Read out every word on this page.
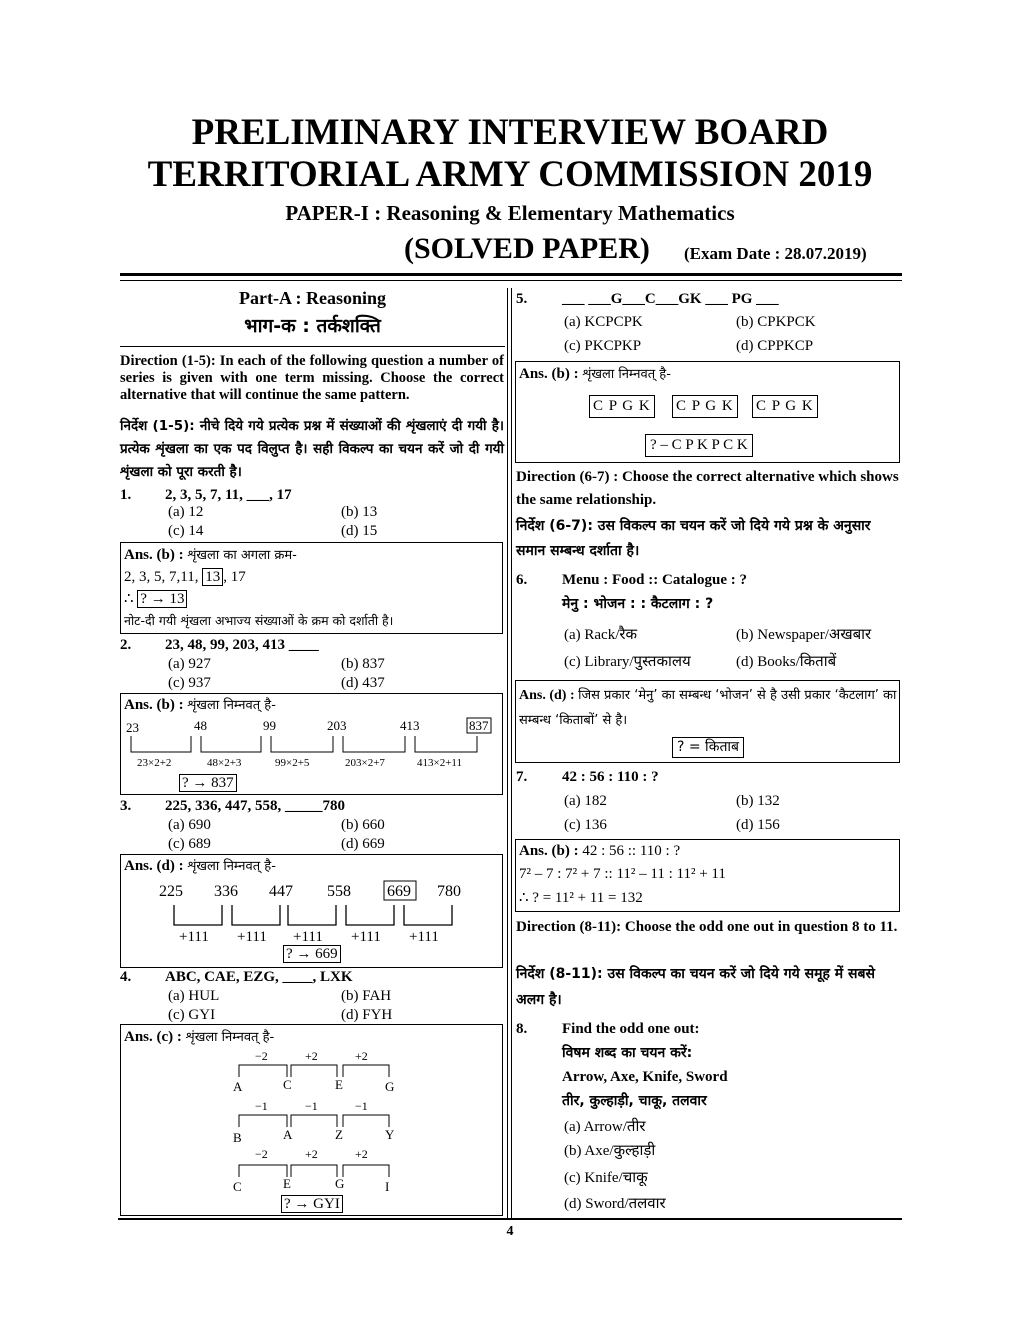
PRELIMINARY INTERVIEW BOARD
TERRITORIAL ARMY COMMISSION 2019
PAPER-I : Reasoning & Elementary Mathematics
(SOLVED PAPER) (Exam Date : 28.07.2019)
Part-A : Reasoning
भाग-क : तर्कशक्ति
Direction (1-5): In each of the following question a number of series is given with one term missing. Choose the correct alternative that will continue the same pattern.
निर्देश (1-5): नीचे दिये गये प्रत्येक प्रश्न में संख्याओं की शृंखलाएं दी गयी है। प्रत्येक शृंखला का एक पद विलुप्त है। सही विकल्प का चयन करें जो दी गयी शृंखला को पूरा करती है।
1. 2, 3, 5, 7, 11, ___, 17
(a) 12	(b) 13
(c) 14	(d) 15
Ans. (b) : शृंखला का अगला क्रम-
2, 3, 5, 7,11, 13 , 17
∴ ? → 13
नोट-दी गयी शृंखला अभाज्य संख्याओं के क्रम को दर्शाती है।
2. 23, 48, 99, 203, 413 ____
(a) 927	(b) 837
(c) 937	(d) 437
Ans. (b) : शृंखला निम्नवत् है-
23	48	99	203	413	837
23×2+2	48×2+3	99×2+5	203×2+7	413×2+11
? → 837
3. 225, 336, 447, 558, _____780
(a) 690	(b) 660
(c) 689	(d) 669
Ans. (d) : शृंखला निम्नवत् है-
225 336 447 558 669 780
+111 +111 +111 +111 +111
? → 669
4. ABC, CAE, EZG, ____, LXK
(a) HUL	(b) FAH
(c) GYI	(d) FYH
Ans. (c) : शृंखला निम्नवत् है-
−2	+2	+2
A	C	E	G
−1	−1	−1
B	A	Z	Y
−2	+2	+2
C	E	G	I
? → GYI
5. ___ ___G___C___GK ___ PG ___
(a) KCPCPK	(b) CPKPCK
(c) PKCPKP	(d) CPPKCP
Ans. (b) : शृंखला निम्नवत् है-
C P G K C P G K C P G K
? – C P K P C K
Direction (6-7) : Choose the correct alternative which shows the same relationship.
निर्देश (6-7): उस विकल्प का चयन करें जो दिये गये प्रश्न के अनुसार समान सम्बन्ध दर्शाता है।
6. Menu : Food :: Catalogue : ?
मेनु : भोजन : : कैटलाग : ?
(a) Rack/रैक	(b) Newspaper/अखबार
(c) Library/पुस्तकालय	(d) Books/किताबें
Ans. (d) : जिस प्रकार ‘मेनु’ का सम्बन्ध ‘भोजन’ से है उसी प्रकार ‘कैटलाग’ का सम्बन्ध ‘किताबों’ से है।
? = किताब
7. 42 : 56 : 110 : ?
(a) 182	(b) 132
(c) 136	(d) 156
Ans. (b) : 42 : 56 :: 110 : ?
7² – 7 : 7² + 7 :: 11² – 11 : 11² + 11
∴ ? = 11² + 11 = 132
Direction (8-11): Choose the odd one out in question 8 to 11.
निर्देश (8-11): उस विकल्प का चयन करें जो दिये गये समूह में सबसे अलग है।
8. Find the odd one out:
विषम शब्द का चयन करें:
Arrow, Axe, Knife, Sword
तीर, कुल्हाड़ी, चाकू, तलवार
(a) Arrow/तीर
(b) Axe/कुल्हाड़ी
(c) Knife/चाकू
(d) Sword/तलवार
4
